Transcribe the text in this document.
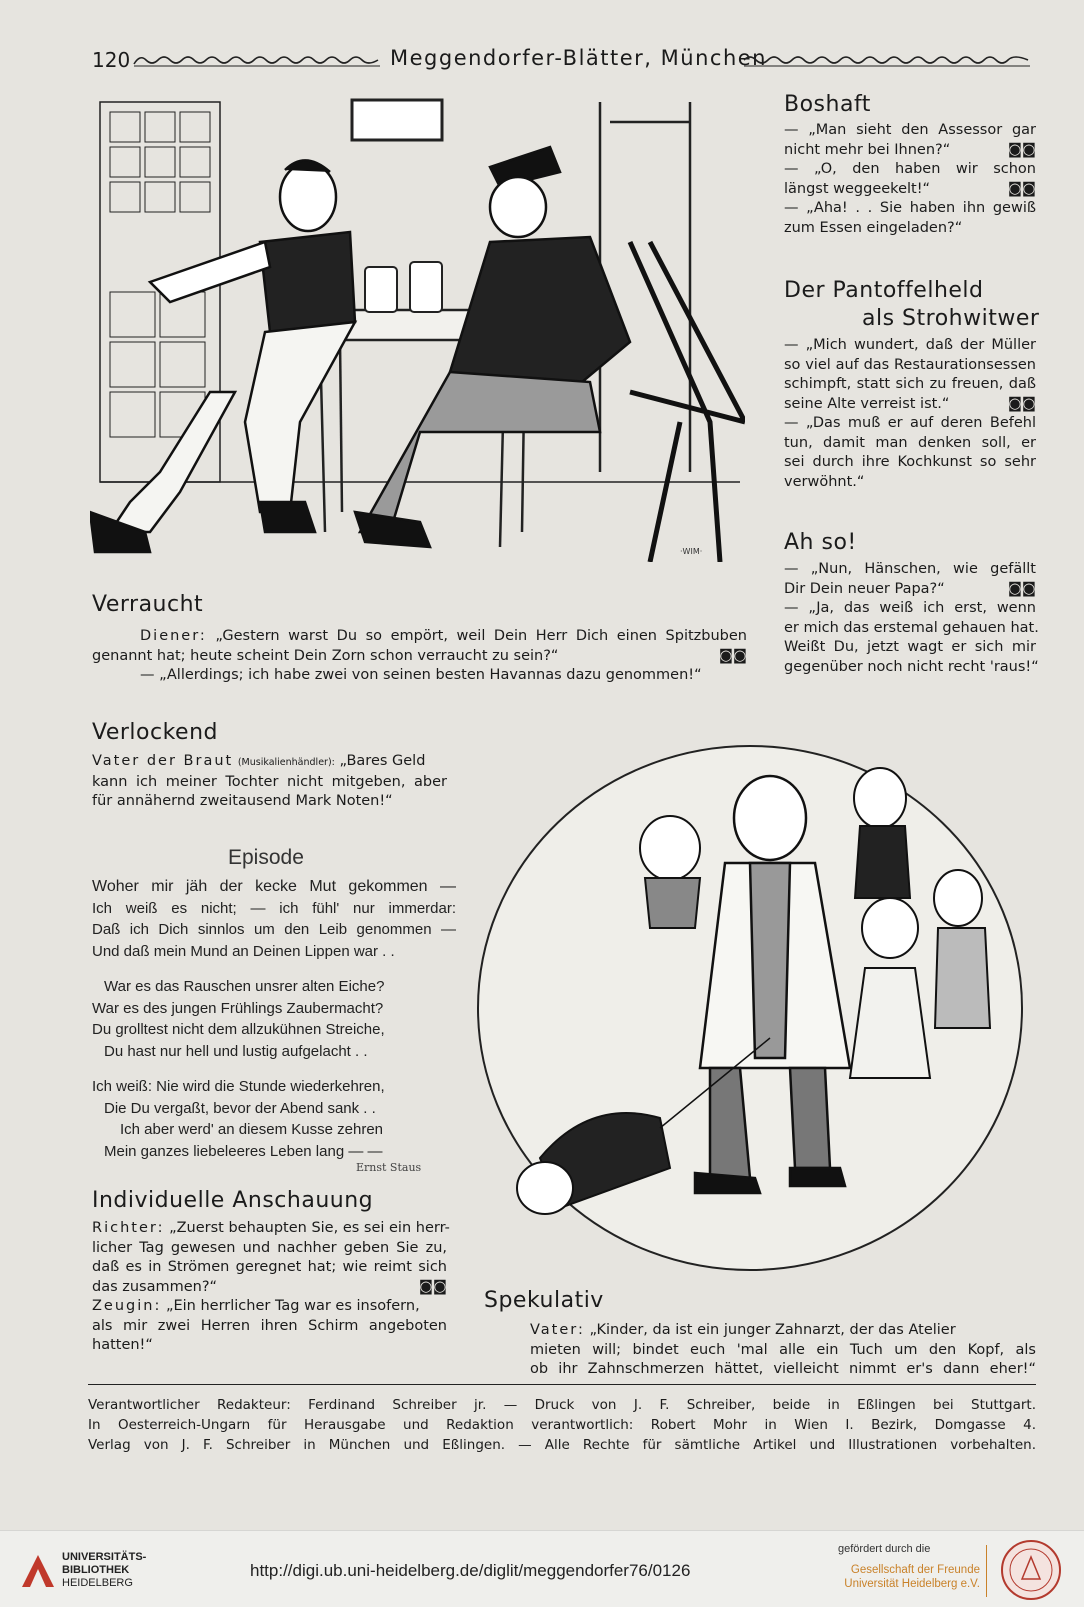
120	Meggendorfer-Blätter, München
·WIM·
Boshaft
— „Man sieht den Assessor gar
nicht mehr bei Ihnen?“	◙◙
— „O, den haben wir schon
längst weggeekelt!“	◙◙
— „Aha! . . Sie haben ihn gewiß
zum Essen eingeladen?“
Der Pantoffelheld
als Strohwitwer
— „Mich wundert, daß der Müller
so viel auf das Restaurationsessen
schimpft, statt sich zu freuen, daß
seine Alte verreist ist.“	◙◙
— „Das muß er auf deren Befehl
tun, damit man denken soll, er
sei durch ihre Kochkunst so sehr
verwöhnt.“
Ah so!
— „Nun, Hänschen, wie gefällt
Dir Dein neuer Papa?“	◙◙
— „Ja, das weiß ich erst, wenn
er mich das erstemal gehauen hat.
Weißt Du, jetzt wagt er sich mir
gegenüber noch nicht recht 'raus!“
Verraucht
Diener: „Gestern warst Du so empört, weil Dein Herr Dich einen Spitzbuben
genannt hat; heute scheint Dein Zorn schon verraucht zu sein?“	◙◙
— „Allerdings; ich habe zwei von seinen besten Havannas dazu genommen!“
Verlockend
Vater der Braut (Musikalienhändler): „Bares Geld
kann ich meiner Tochter nicht mitgeben, aber
für annähernd zweitausend Mark Noten!“
Episode
Woher mir jäh der kecke Mut gekommen —
Ich weiß es nicht; — ich fühl' nur immerdar:
Daß ich Dich sinnlos um den Leib genommen —
Und daß mein Mund an Deinen Lippen war . .
War es das Rauschen unsrer alten Eiche?
War es des jungen Frühlings Zaubermacht?
Du grolltest nicht dem allzukühnen Streiche,
Du hast nur hell und lustig aufgelacht . .
Ich weiß: Nie wird die Stunde wiederkehren,
Die Du vergaßt, bevor der Abend sank . .
Ich aber werd' an diesem Kusse zehren
Mein ganzes liebeleeres Leben lang — —
Ernst Staus
Individuelle Anschauung
Richter: „Zuerst behaupten Sie, es sei ein herr-
licher Tag gewesen und nachher geben Sie zu,
daß es in Strömen geregnet hat; wie reimt sich
das zusammen?“	◙◙
Zeugin: „Ein herrlicher Tag war es insofern,
als mir zwei Herren ihren Schirm angeboten
hatten!“
Spekulativ
Vater: „Kinder, da ist ein junger Zahnarzt, der das Atelier
mieten will; bindet euch 'mal alle ein Tuch um den Kopf, als
ob ihr Zahnschmerzen hättet, vielleicht nimmt er's dann eher!“
Verantwortlicher Redakteur: Ferdinand Schreiber jr. — Druck von J. F. Schreiber, beide in Eßlingen bei Stuttgart.
In Oesterreich-Ungarn für Herausgabe und Redaktion verantwortlich: Robert Mohr in Wien I. Bezirk, Domgasse 4.
Verlag von J. F. Schreiber in München und Eßlingen. — Alle Rechte für sämtliche Artikel und Illustrationen vorbehalten.
UNIVERSITÄTS-
BIBLIOTHEK
HEIDELBERG
http://digi.ub.uni-heidelberg.de/diglit/meggendorfer76/0126
gefördert durch die
Gesellschaft der Freunde
Universität Heidelberg e.V.
